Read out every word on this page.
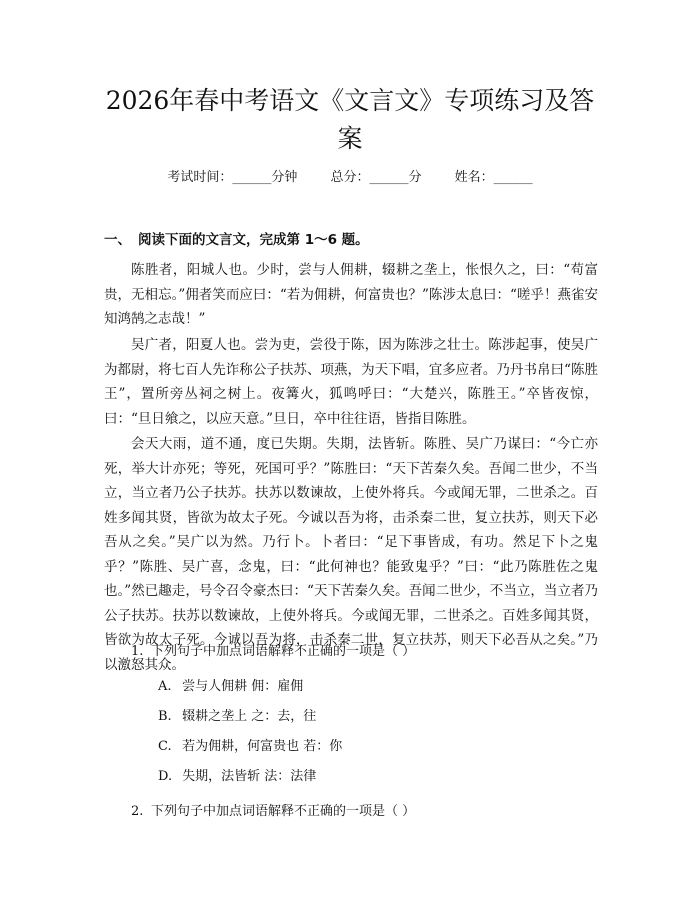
2026年春中考语文《文言文》专项练习及答案
考试时间：______分钟	总分：______分	姓名：______
一、 阅读下面的文言文，完成第 1～6 题。

陈胜者，阳城人也。少时，尝与人佣耕，辍耕之垄上，怅恨久之，曰：“苟富贵，无相忘。”佣者笑而应曰：“若为佣耕，何富贵也？”陈涉太息曰：“嗟乎！燕雀安知鸿鹄之志哉！”

吴广者，阳夏人也。尝为吏，尝役于陈，因为陈涉之壮士。陈涉起事，使吴广为都尉，将七百人先诈称公子扶苏、项燕，为天下唱，宜多应者。乃丹书帛曰“陈胜王”，置所旁丛祠之树上。夜篝火，狐鸣呼曰：“大楚兴，陈胜王。”卒皆夜惊，曰：“旦日飨之，以应天意。”旦日，卒中往往语，皆指目陈胜。

会天大雨，道不通，度已失期。失期，法皆斩。陈胜、吴广乃谋曰：“今亡亦死，举大计亦死；等死，死国可乎？”陈胜曰：“天下苦秦久矣。吾闻二世少，不当立，当立者乃公子扶苏。扶苏以数谏故，上使外将兵。今或闻无罪，二世杀之。百姓多闻其贤，皆欲为故太子死。今诚以吾为将，击杀秦二世，复立扶苏，则天下必吾从之矣。”吴广以为然。乃行卜。卜者曰：“足下事皆成，有功。然足下卜之鬼乎？”陈胜、吴广喜，念鬼，曰：“此何神也？能致鬼乎？”曰：“此乃陈胜佐之鬼也。”然已趣走，号令召令豪杰曰：“天下苦秦久矣。吾闻二世少，不当立，当立者乃公子扶苏。扶苏以数谏故，上使外将兵。今或闻无罪，二世杀之。百姓多闻其贤，皆欲为故太子死。今诚以吾为将，击杀秦二世，复立扶苏，则天下必吾从之矣。”乃以激怒其众。

1. 下列句子中加点词语解释不正确的一项是（ ）
A. 尝与人佣耕 佣：雇佣
B. 辍耕之垄上 之：去，往
C. 若为佣耕，何富贵也 若：你
D. 失期，法皆斩 法：法律
2. 下列句子中加点词语解释不正确的一项是（ ）
